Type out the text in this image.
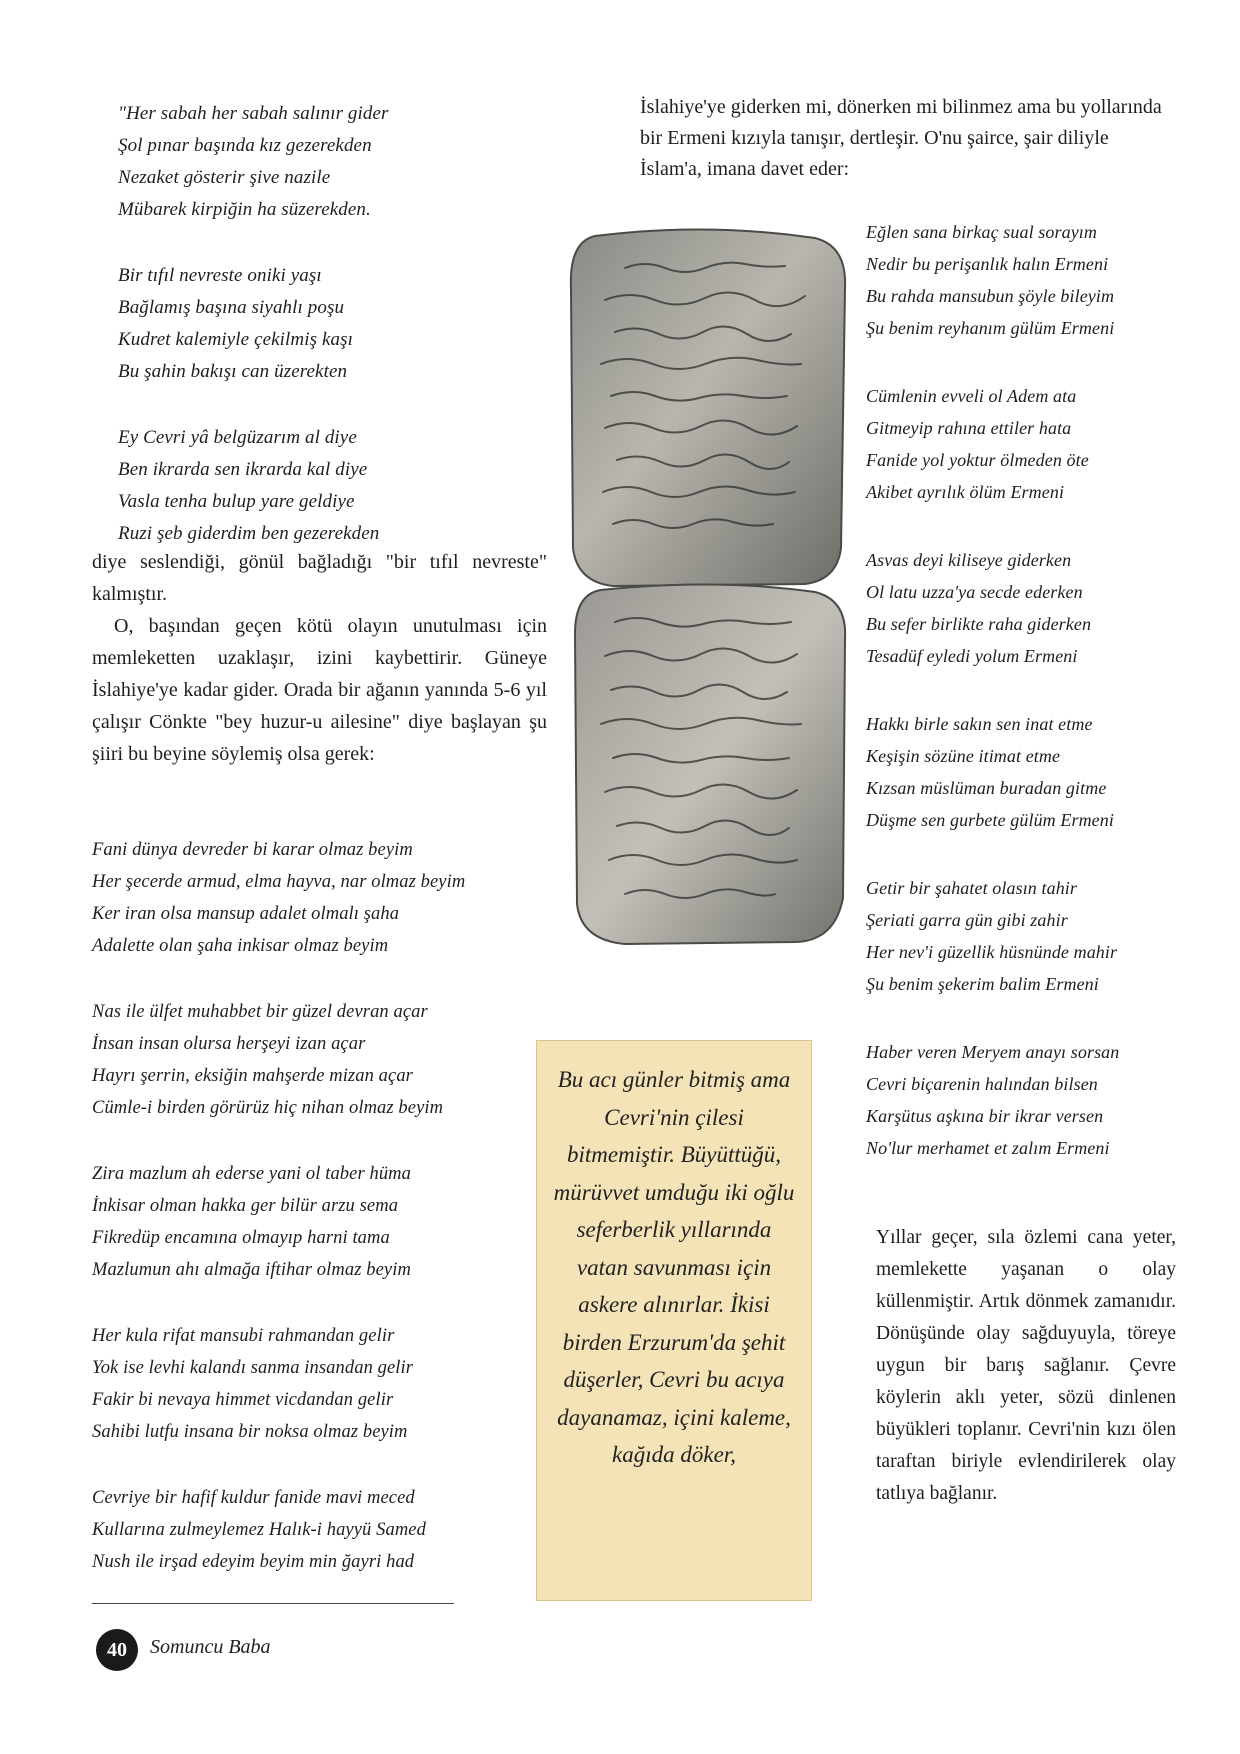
"Her sabah her sabah salınır gider
Şol pınar başında kız gezerekden
Nezaket gösterir şive nazile
Mübarek kirpiğin ha süzerekden.
Bir tıfıl nevreste oniki yaşı
Bağlamış başına siyahlı poşu
Kudret kalemiyle çekilmiş kaşı
Bu şahin bakışı can üzerekten
Ey Cevri yâ belgüzarım al diye
Ben ikrarda sen ikrarda kal diye
Vasla tenha bulup yare geldiye
Ruzi şeb giderdim ben gezerekden

diye seslendiği, gönül bağladığı "bir tıfıl nevreste" kalmıştır.

O, başından geçen kötü olayın unutulması için memleketten uzaklaşır, izini kaybettirir. Güneye İslahiye'ye kadar gider. Orada bir ağanın yanında 5-6 yıl çalışır Cönkte "bey huzur-u ailesine" diye başlayan şu şiiri bu beyine söylemiş olsa gerek:

Fani dünya devreder bi karar olmaz beyim
Her şecerde armud, elma hayva, nar olmaz beyim
Ker iran olsa mansup adalet olmalı şaha
Adalette olan şaha inkisar olmaz beyim
Nas ile ülfet muhabbet bir güzel devran açar
İnsan insan olursa herşeyi izan açar
Hayrı şerrin, eksiğin mahşerde mizan açar
Cümle-i birden görürüz hiç nihan olmaz beyim
Zira mazlum ah ederse yani ol taber hüma
İnkisar olman hakka ger bilür arzu sema
Fikredüp encamına olmayıp harni tama
Mazlumun ahı almağa iftihar olmaz beyim
Her kula rifat mansubi rahmandan gelir
Yok ise levhi kalandı sanma insandan gelir
Fakir bi nevaya himmet vicdandan gelir
Sahibi lutfu insana bir noksa olmaz beyim
Cevriye bir hafif kuldur fanide mavi meced
Kullarına zulmeylemez Halık-i hayyü Samed
Nush ile irşad edeyim beyim min ğayri had
İslahiye'ye giderken mi, dönerken mi bilinmez ama bu yollarında bir Ermeni kızıyla tanışır, dertleşir. O'nu şairce, şair diliyle İslam'a, imana davet eder:
Eğlen sana birkaç sual sorayım
Nedir bu perişanlık halın Ermeni
Bu rahda mansubun şöyle bileyim
Şu benim reyhanım gülüm Ermeni
Cümlenin evveli ol Adem ata
Gitmeyip rahına ettiler hata
Fanide yol yoktur ölmeden öte
Akibet ayrılık ölüm Ermeni
Asvas deyi kiliseye giderken
Ol latu uzza'ya secde ederken
Bu sefer birlikte raha giderken
Tesadüf eyledi yolum Ermeni
Hakkı birle sakın sen inat etme
Keşişin sözüne itimat etme
Kızsan müslüman buradan gitme
Düşme sen gurbete gülüm Ermeni
Getir bir şahatet olasın tahir
Şeriati garra gün gibi zahir
Her nev'i güzellik hüsnünde mahir
Şu benim şekerim balim Ermeni
Haber veren Meryem anayı sorsan
Cevri biçarenin halından bilsen
Karşütus aşkına bir ikrar versen
No'lur merhamet et zalım Ermeni
Yıllar geçer, sıla özlemi cana yeter, memlekette yaşanan o olay küllenmiştir. Artık dönmek zamanıdır. Dönüşünde olay sağduyuyla, töreye uygun bir barış sağlanır. Çevre köylerin aklı yeter, sözü dinlenen büyükleri toplanır. Cevri'nin kızı ölen taraftan biriyle evlendirilerek olay tatlıya bağlanır.
Bu acı günler bitmiş ama Cevri'nin çilesi bitmemiştir. Büyüttüğü, mürüvvet umduğu iki oğlu seferberlik yıllarında vatan savunması için askere alınırlar. İkisi birden Erzurum'da şehit düşerler, Cevri bu acıya dayanamaz, içini kaleme, kağıda döker,
40	Somuncu Baba
